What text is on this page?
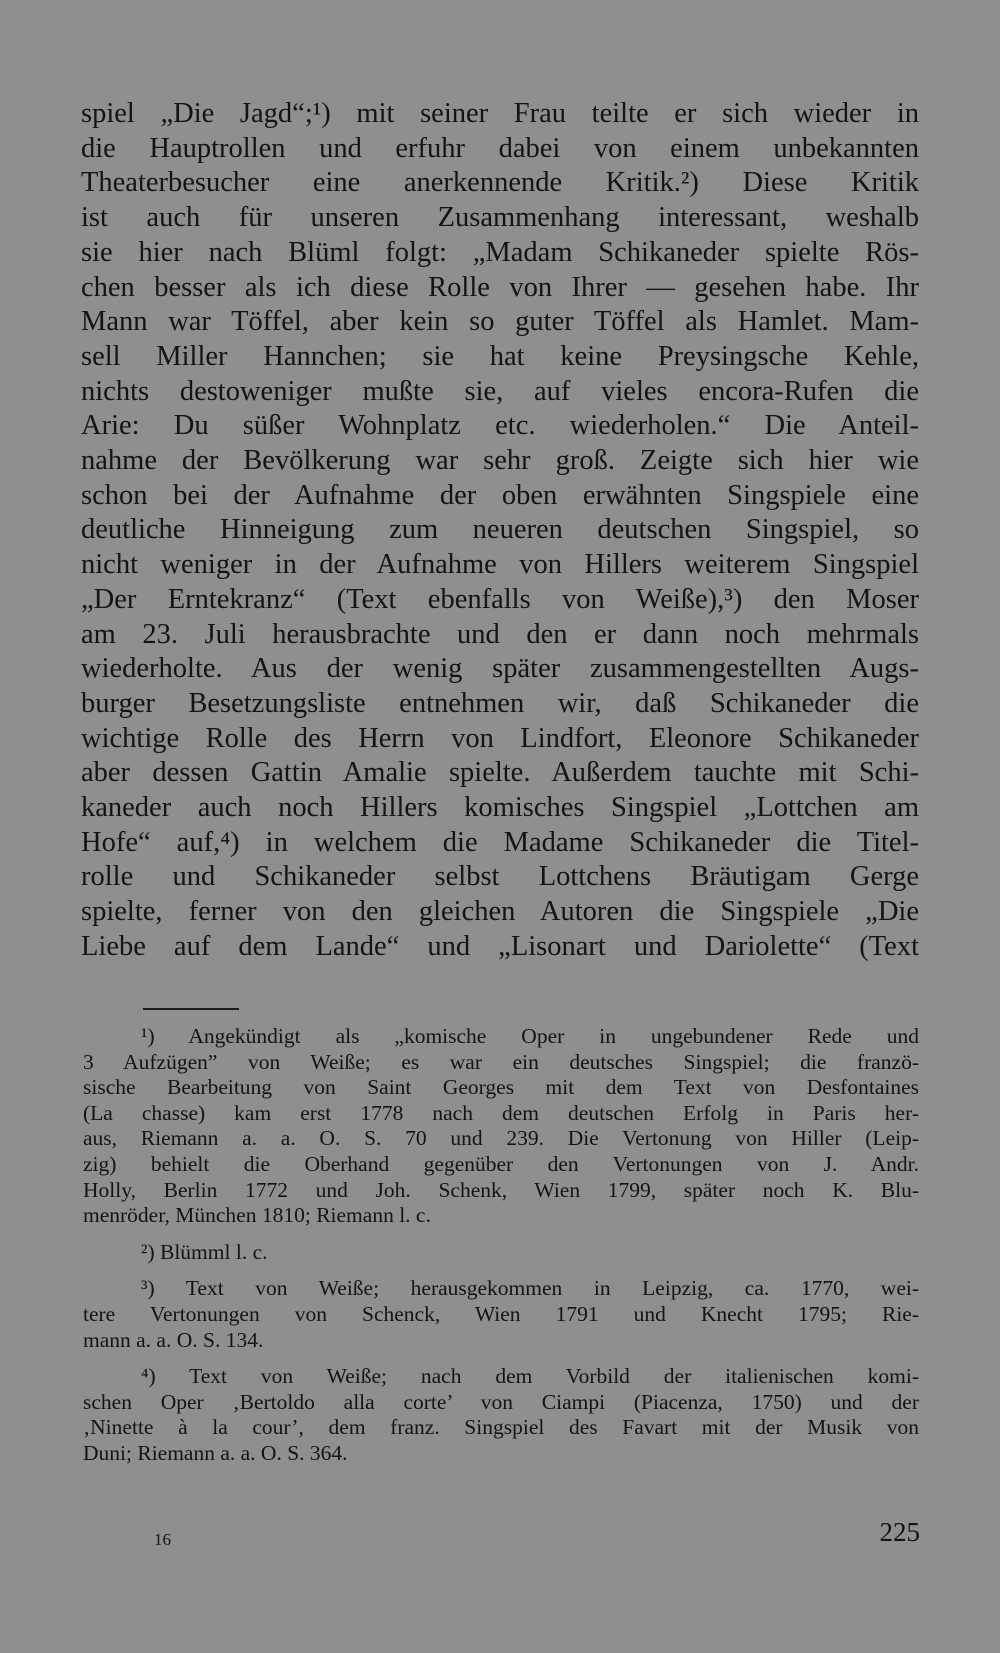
spiel „Die Jagd“;¹) mit seiner Frau teilte er sich wieder in
die Hauptrollen und erfuhr dabei von einem unbekannten
Theaterbesucher eine anerkennende Kritik.²) Diese Kritik
ist auch für unseren Zusammenhang interessant, weshalb
sie hier nach Blüml folgt: „Madam Schikaneder spielte Rös-
chen besser als ich diese Rolle von Ihrer — gesehen habe. Ihr
Mann war Töffel, aber kein so guter Töffel als Hamlet. Mam-
sell Miller Hannchen; sie hat keine Preysingsche Kehle,
nichts destoweniger mußte sie, auf vieles encora-Rufen die
Arie: Du süßer Wohnplatz etc. wiederholen.“ Die Anteil-
nahme der Bevölkerung war sehr groß. Zeigte sich hier wie
schon bei der Aufnahme der oben erwähnten Singspiele eine
deutliche Hinneigung zum neueren deutschen Singspiel, so
nicht weniger in der Aufnahme von Hillers weiterem Singspiel
„Der Erntekranz“ (Text ebenfalls von Weiße),³) den Moser
am 23. Juli herausbrachte und den er dann noch mehrmals
wiederholte. Aus der wenig später zusammengestellten Augs-
burger Besetzungsliste entnehmen wir, daß Schikaneder die
wichtige Rolle des Herrn von Lindfort, Eleonore Schikaneder
aber dessen Gattin Amalie spielte. Außerdem tauchte mit Schi-
kaneder auch noch Hillers komisches Singspiel „Lottchen am
Hofe“ auf,⁴) in welchem die Madame Schikaneder die Titel-
rolle und Schikaneder selbst Lottchens Bräutigam Gerge
spielte, ferner von den gleichen Autoren die Singspiele „Die
Liebe auf dem Lande“ und „Lisonart und Dariolette“ (Text
¹) Angekündigt als „komische Oper in ungebundener Rede und
3 Aufzügen” von Weiße; es war ein deutsches Singspiel; die franzö-
sische Bearbeitung von Saint Georges mit dem Text von Desfontaines
(La chasse) kam erst 1778 nach dem deutschen Erfolg in Paris her-
aus, Riemann a. a. O. S. 70 und 239. Die Vertonung von Hiller (Leip-
zig) behielt die Oberhand gegenüber den Vertonungen von J. Andr.
Holly, Berlin 1772 und Joh. Schenk, Wien 1799, später noch K. Blu-
menröder, München 1810; Riemann l. c.
²) Blümml l. c.
³) Text von Weiße; herausgekommen in Leipzig, ca. 1770, wei-
tere Vertonungen von Schenck, Wien 1791 und Knecht 1795; Rie-
mann a. a. O. S. 134.
⁴) Text von Weiße; nach dem Vorbild der italienischen komi-
schen Oper ‚Bertoldo alla corte’ von Ciampi (Piacenza, 1750) und der
‚Ninette à la cour’, dem franz. Singspiel des Favart mit der Musik von
Duni; Riemann a. a. O. S. 364.
16	225
